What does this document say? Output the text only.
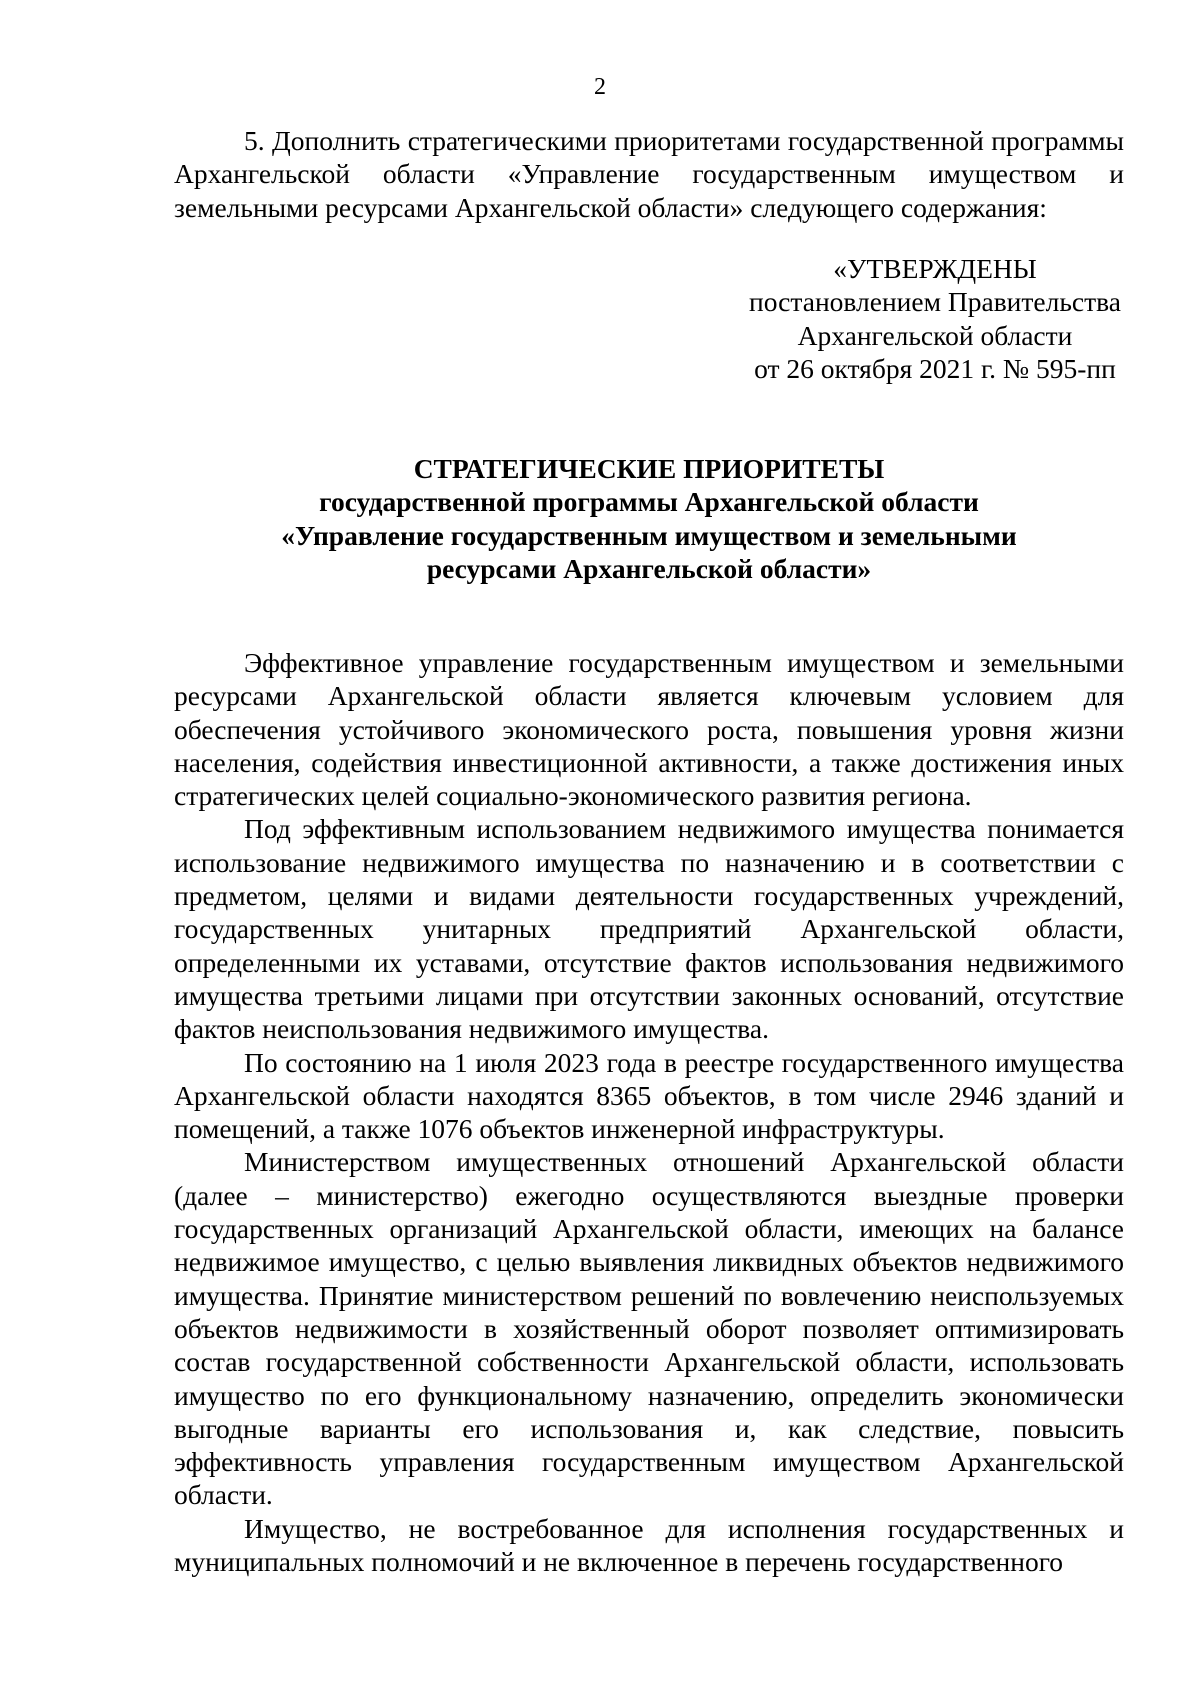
2

5. Дополнить стратегическими приоритетами государственной программы Архангельской области «Управление государственным имуществом и земельными ресурсами Архангельской области» следующего содержания:

«УТВЕРЖДЕНЫ
постановлением Правительства
Архангельской области
от 26 октября 2021 г. № 595-пп
СТРАТЕГИЧЕСКИЕ ПРИОРИТЕТЫ
государственной программы Архангельской области
«Управление государственным имуществом и земельными
ресурсами Архангельской области»

Эффективное управление государственным имуществом и земельными ресурсами Архангельской области является ключевым условием для обеспечения устойчивого экономического роста, повышения уровня жизни населения, содействия инвестиционной активности, а также достижения иных стратегических целей социально-экономического развития региона.

Под эффективным использованием недвижимого имущества понимается использование недвижимого имущества по назначению и в соответствии с предметом, целями и видами деятельности государственных учреждений, государственных унитарных предприятий Архангельской области, определенными их уставами, отсутствие фактов использования недвижимого имущества третьими лицами при отсутствии законных оснований, отсутствие фактов неиспользования недвижимого имущества.

По состоянию на 1 июля 2023 года в реестре государственного имущества Архангельской области находятся 8365 объектов, в том числе 2946 зданий и помещений, а также 1076 объектов инженерной инфраструктуры.

Министерством имущественных отношений Архангельской области (далее – министерство) ежегодно осуществляются выездные проверки государственных организаций Архангельской области, имеющих на балансе недвижимое имущество, с целью выявления ликвидных объектов недвижимого имущества. Принятие министерством решений по вовлечению неиспользуемых объектов недвижимости в хозяйственный оборот позволяет оптимизировать состав государственной собственности Архангельской области, использовать имущество по его функциональному назначению, определить экономически выгодные варианты его использования и, как следствие, повысить эффективность управления государственным имуществом Архангельской области.

Имущество, не востребованное для исполнения государственных и муниципальных полномочий и не включенное в перечень государственного
